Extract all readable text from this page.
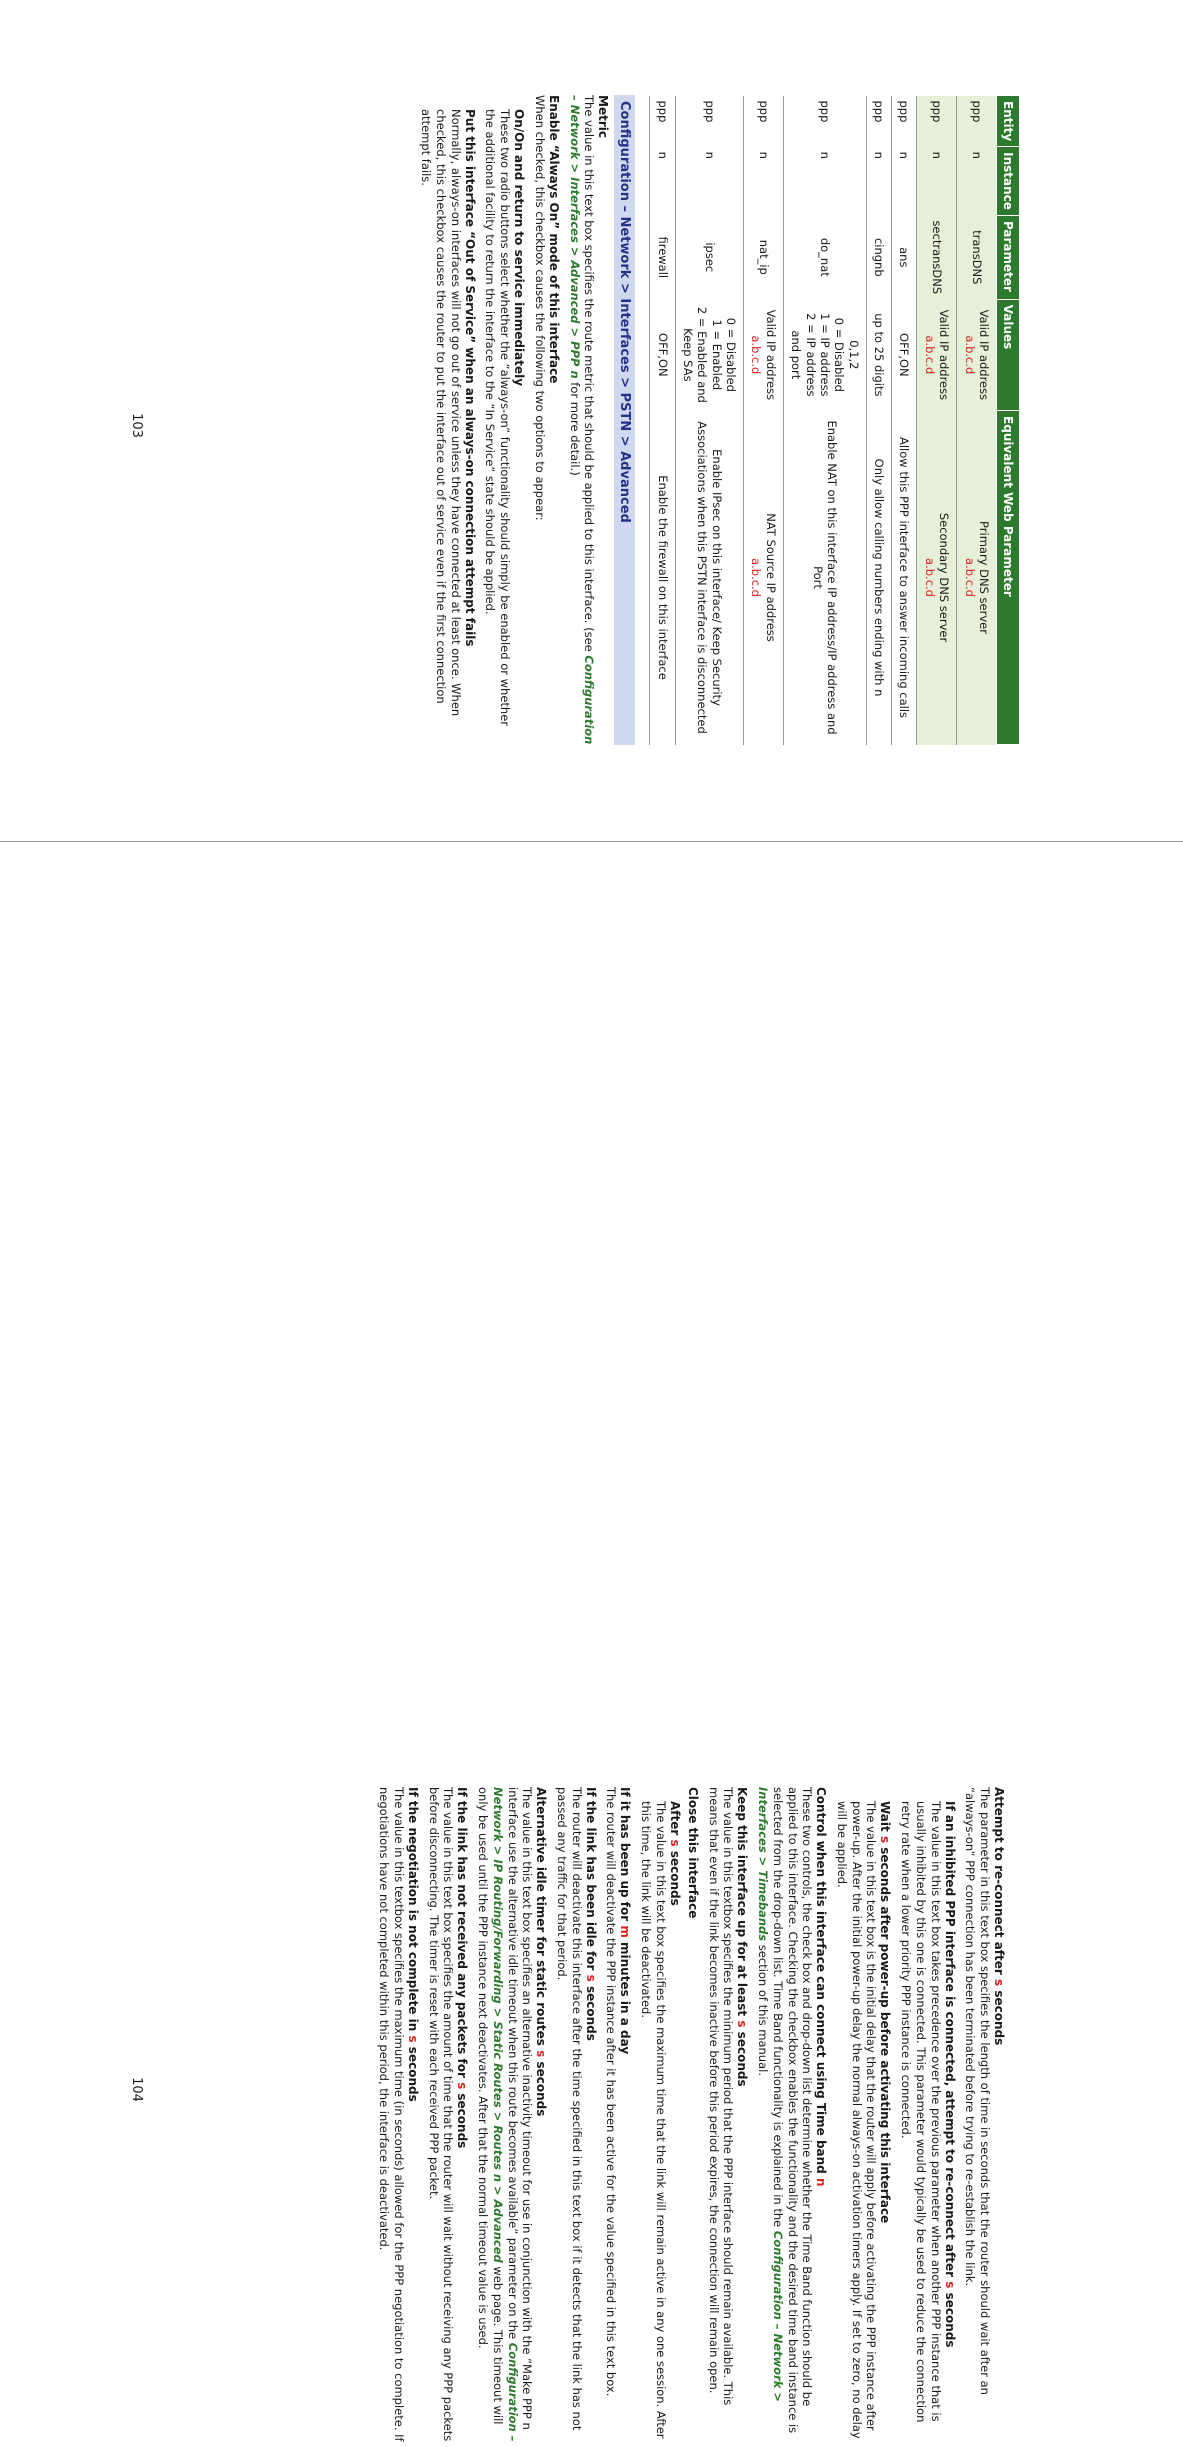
Entity	Instance	Parameter	Values	Equivalent Web Parameter
ppp	n	transDNS	Valid IP address
a.b.c.d	Primary DNS server
a.b.c.d
ppp	n	sectransDNS	Valid IP address
a.b.c.d	Secondary DNS server
a.b.c.d
ppp	n	ans	OFF,ON	Allow this PPP interface to answer incoming calls
ppp	n	cingnb	up to 25 digits	Only allow calling numbers ending with n
ppp	n	do_nat	0,1,2
0 = Disabled
1 = IP address
2 = IP address and port	Enable NAT on this interface IP address/IP address and Port
ppp	n	nat_ip	Valid IP address
a.b.c.d	NAT Source IP address
a.b.c.d
ppp	n	ipsec	0 = Disabled
1 = Enabled
2 = Enabled and Keep SAs	Enable IPsec on this interface/ Keep Security Associations when this PSTN interface is disconnected
ppp	n	firewall	OFF,ON	Enable the firewall on this interface
Configuration – Network > Interfaces > PSTN > Advanced
Metric

The value in this text box specifies the route metric that should be applied to this interface. (see Configuration – Network > Interfaces > Advanced > PPP n for more detail.)

Enable “Always On” mode of this interface

When checked, this checkbox causes the following two options to appear:

On/On and return to service immediately

These two radio buttons select whether the “always-on” functionality should simply be enabled or whether the additional facility to return the interface to the “In Service” state should be applied.

Put this interface “Out of Service” when an always-on connection attempt fails

Normally, always-on interfaces will not go out of service unless they have connected at least once. When checked, this checkbox causes the router to put the interface out of service even if the first connection attempt fails.

103
Attempt to re-connect after s seconds

The parameter in this text box specifies the length of time in seconds that the router should wait after an “always-on” PPP connection has been terminated before trying to re-establish the link.

If an inhibited PPP interface is connected, attempt to re-connect after s seconds

The value in this text box takes precedence over the previous parameter when another PPP instance that is usually inhibited by this one is connected. This parameter would typically be used to reduce the connection retry rate when a lower priority PPP instance is connected.

Wait s seconds after power-up before activating this interface

The value in this text box is the initial delay that the router will apply before activating the PPP instance after power-up. After the initial power-up delay the normal always-on activation timers apply. If set to zero, no delay will be applied.

Control when this interface can connect using Time band n

These two controls, the check box and drop-down list determine whether the Time Band function should be applied to this interface. Checking the checkbox enables the functionality and the desired time band instance is selected from the drop-down list. Time Band functionality is explained in the Configuration – Network > Interfaces > Timebands section of this manual.

Keep this interface up for at least s seconds

The value in this textbox specifies the minimum period that the PPP interface should remain available. This means that even if the link becomes inactive before this period expires, the connection will remain open.

Close this interface
After s seconds

The value in this text box specifies the maximum time that the link will remain active in any one session. After this time, the link will be deactivated.

If it has been up for m minutes in a day

The router will deactivate the PPP instance after it has been active for the value specified in this text box.

If the link has been idle for s seconds

The router will deactivate this interface after the time specified in this text box if it detects that the link has not passed any traffic for that period.

Alternative idle timer for static routes s seconds

The value in this text box specifies an alternative inactivity timeout for use in conjunction with the “Make PPP n interface use the alternative idle timeout when this route becomes available” parameter on the Configuration – Network > IP Routing/Forwarding > Static Routes > Routes n > Advanced web page. This timeout will only be used until the PPP instance next deactivates. After that the normal timeout value is used.

If the link has not received any packets for s seconds

The value in this text box specifies the amount of time that the router will wait without receiving any PPP packets before disconnecting. The timer is reset with each received PPP packet.

If the negotiation is not complete in s seconds

The value in this textbox specifies the maximum time (in seconds) allowed for the PPP negotiation to complete. If negotiations have not completed within this period, the interface is deactivated.

104
